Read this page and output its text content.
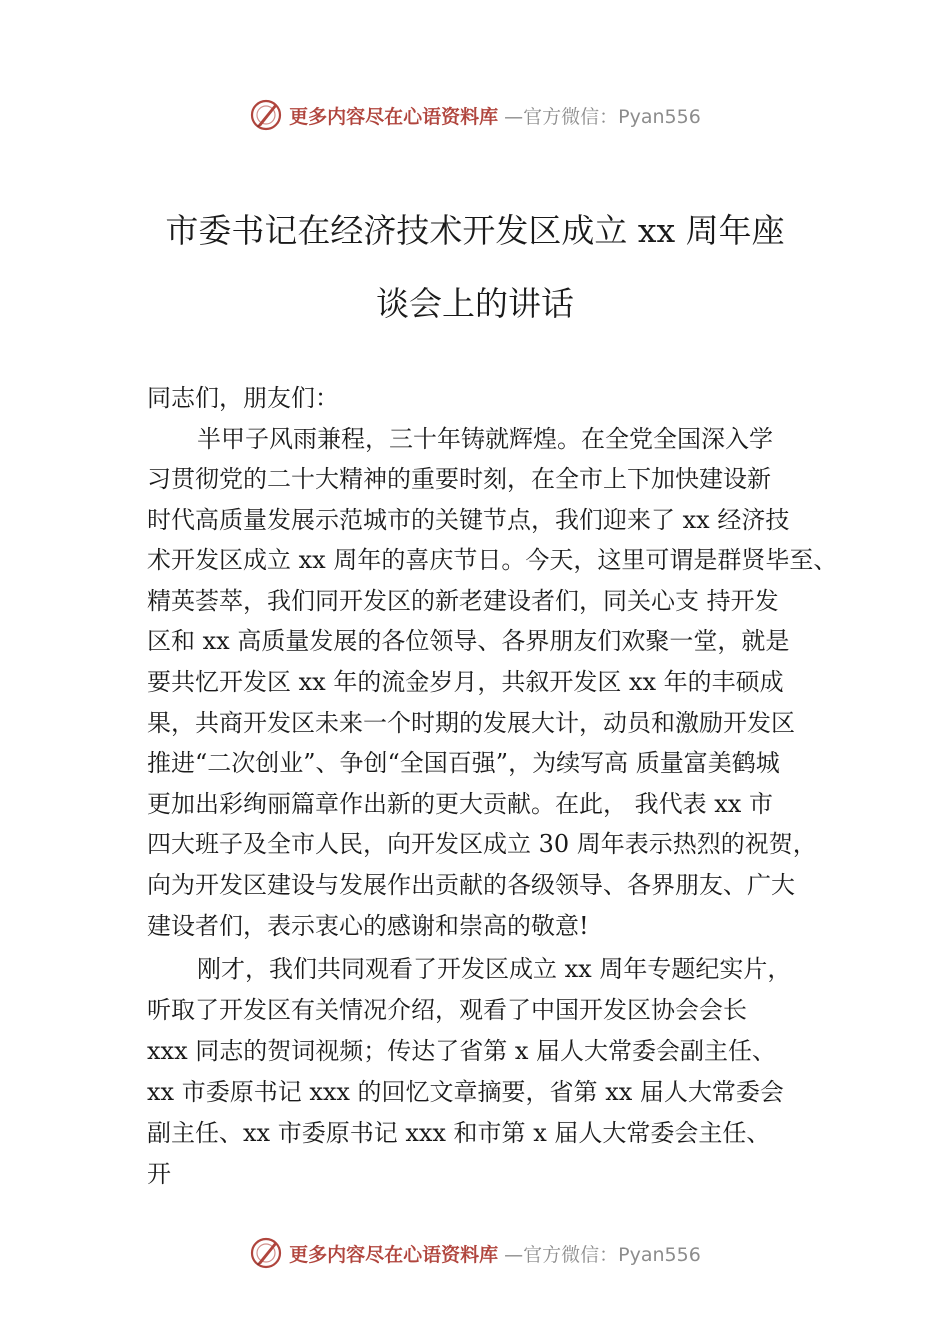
更多内容尽在心语资料库 —官方微信：Pyan556
市委书记在经济技术开发区成立 xx 周年座
谈会上的讲话
同志们，朋友们：
半甲子风雨兼程，三十年铸就辉煌。在全党全国深入学
习贯彻党的二十大精神的重要时刻，在全市上下加快建设新
时代高质量发展示范城市的关键节点，我们迎来了 xx 经济技
术开发区成立 xx 周年的喜庆节日。今天，这里可谓是群贤毕至、
精英荟萃，我们同开发区的新老建设者们，同关心支 持开发
区和 xx 高质量发展的各位领导、各界朋友们欢聚一堂，就是
要共忆开发区 xx 年的流金岁月，共叙开发区 xx 年的丰硕成
果，共商开发区未来一个时期的发展大计，动员和激励开发区
推进“二次创业”、争创“全国百强”，为续写高 质量富美鹤城
更加出彩绚丽篇章作出新的更大贡献。在此， 我代表 xx 市
四大班子及全市人民，向开发区成立 30 周年表示热烈的祝贺，
向为开发区建设与发展作出贡献的各级领导、各界朋友、广大
建设者们，表示衷心的感谢和崇高的敬意!
刚才，我们共同观看了开发区成立 xx 周年专题纪实片，
听取了开发区有关情况介绍，观看了中国开发区协会会长
xxx 同志的贺词视频；传达了省第 x 届人大常委会副主任、
xx 市委原书记 xxx 的回忆文章摘要，省第 xx 届人大常委会
副主任、xx 市委原书记 xxx 和市第 x 届人大常委会主任、
开
更多内容尽在心语资料库 —官方微信：Pyan556
